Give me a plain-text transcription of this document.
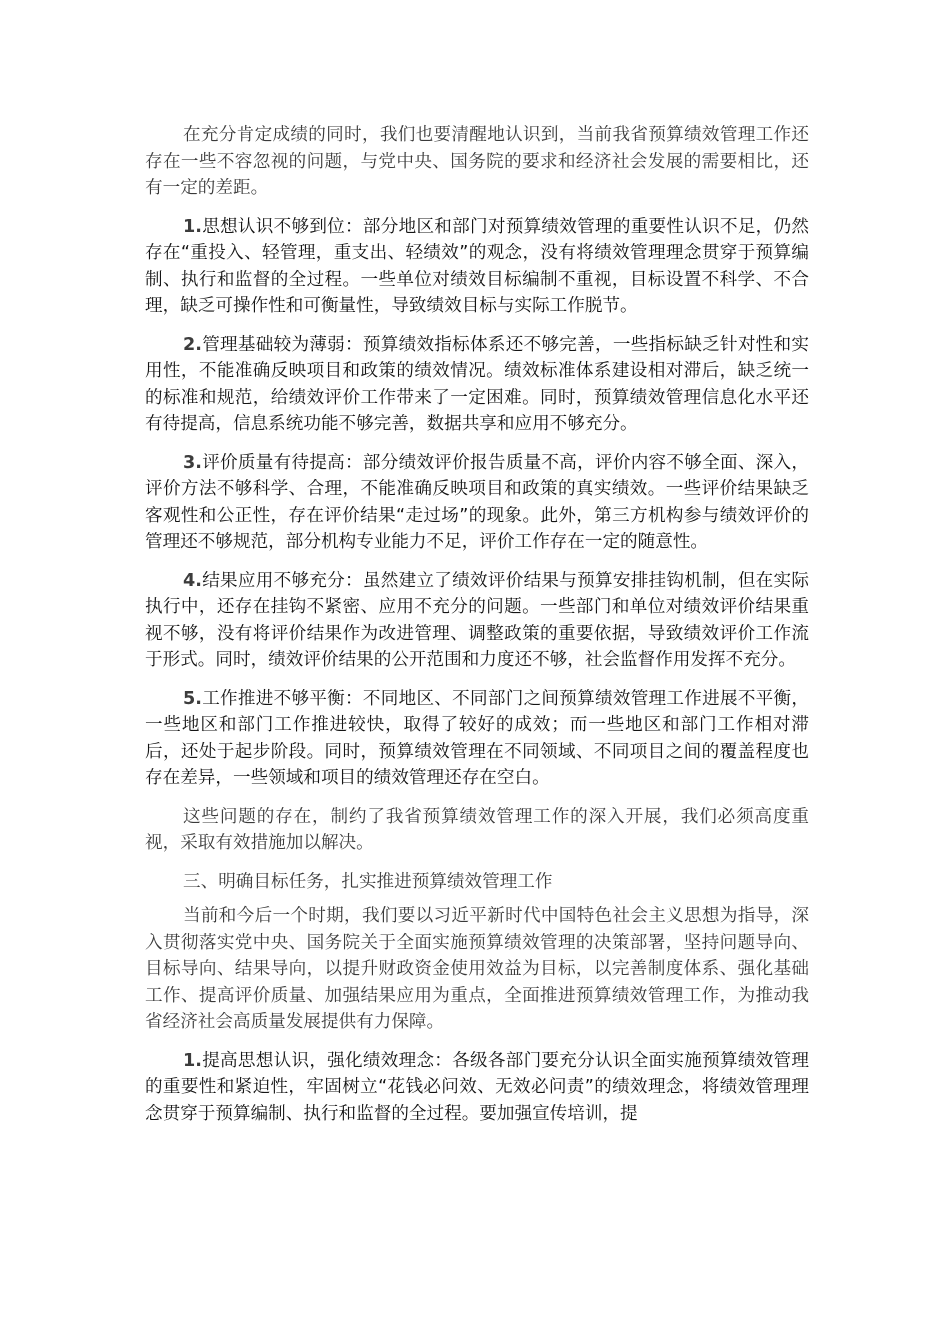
在充分肯定成绩的同时，我们也要清醒地认识到，当前我省预算绩效管理工作还存在一些不容忽视的问题，与党中央、国务院的要求和经济社会发展的需要相比，还有一定的差距。

1.思想认识不够到位：部分地区和部门对预算绩效管理的重要性认识不足，仍然存在“重投入、轻管理，重支出、轻绩效”的观念，没有将绩效管理理念贯穿于预算编制、执行和监督的全过程。一些单位对绩效目标编制不重视，目标设置不科学、不合理，缺乏可操作性和可衡量性，导致绩效目标与实际工作脱节。

2.管理基础较为薄弱：预算绩效指标体系还不够完善，一些指标缺乏针对性和实用性，不能准确反映项目和政策的绩效情况。绩效标准体系建设相对滞后，缺乏统一的标准和规范，给绩效评价工作带来了一定困难。同时，预算绩效管理信息化水平还有待提高，信息系统功能不够完善，数据共享和应用不够充分。

3.评价质量有待提高：部分绩效评价报告质量不高，评价内容不够全面、深入，评价方法不够科学、合理，不能准确反映项目和政策的真实绩效。一些评价结果缺乏客观性和公正性，存在评价结果“走过场”的现象。此外，第三方机构参与绩效评价的管理还不够规范，部分机构专业能力不足，评价工作存在一定的随意性。

4.结果应用不够充分：虽然建立了绩效评价结果与预算安排挂钩机制，但在实际执行中，还存在挂钩不紧密、应用不充分的问题。一些部门和单位对绩效评价结果重视不够，没有将评价结果作为改进管理、调整政策的重要依据，导致绩效评价工作流于形式。同时，绩效评价结果的公开范围和力度还不够，社会监督作用发挥不充分。

5.工作推进不够平衡：不同地区、不同部门之间预算绩效管理工作进展不平衡，一些地区和部门工作推进较快，取得了较好的成效；而一些地区和部门工作相对滞后，还处于起步阶段。同时，预算绩效管理在不同领域、不同项目之间的覆盖程度也存在差异，一些领域和项目的绩效管理还存在空白。

这些问题的存在，制约了我省预算绩效管理工作的深入开展，我们必须高度重视，采取有效措施加以解决。

三、明确目标任务，扎实推进预算绩效管理工作

当前和今后一个时期，我们要以习近平新时代中国特色社会主义思想为指导，深入贯彻落实党中央、国务院关于全面实施预算绩效管理的决策部署，坚持问题导向、目标导向、结果导向，以提升财政资金使用效益为目标，以完善制度体系、强化基础工作、提高评价质量、加强结果应用为重点，全面推进预算绩效管理工作，为推动我省经济社会高质量发展提供有力保障。

1.提高思想认识，强化绩效理念：各级各部门要充分认识全面实施预算绩效管理的重要性和紧迫性，牢固树立“花钱必问效、无效必问责”的绩效理念，将绩效管理理念贯穿于预算编制、执行和监督的全过程。要加强宣传培训，提
